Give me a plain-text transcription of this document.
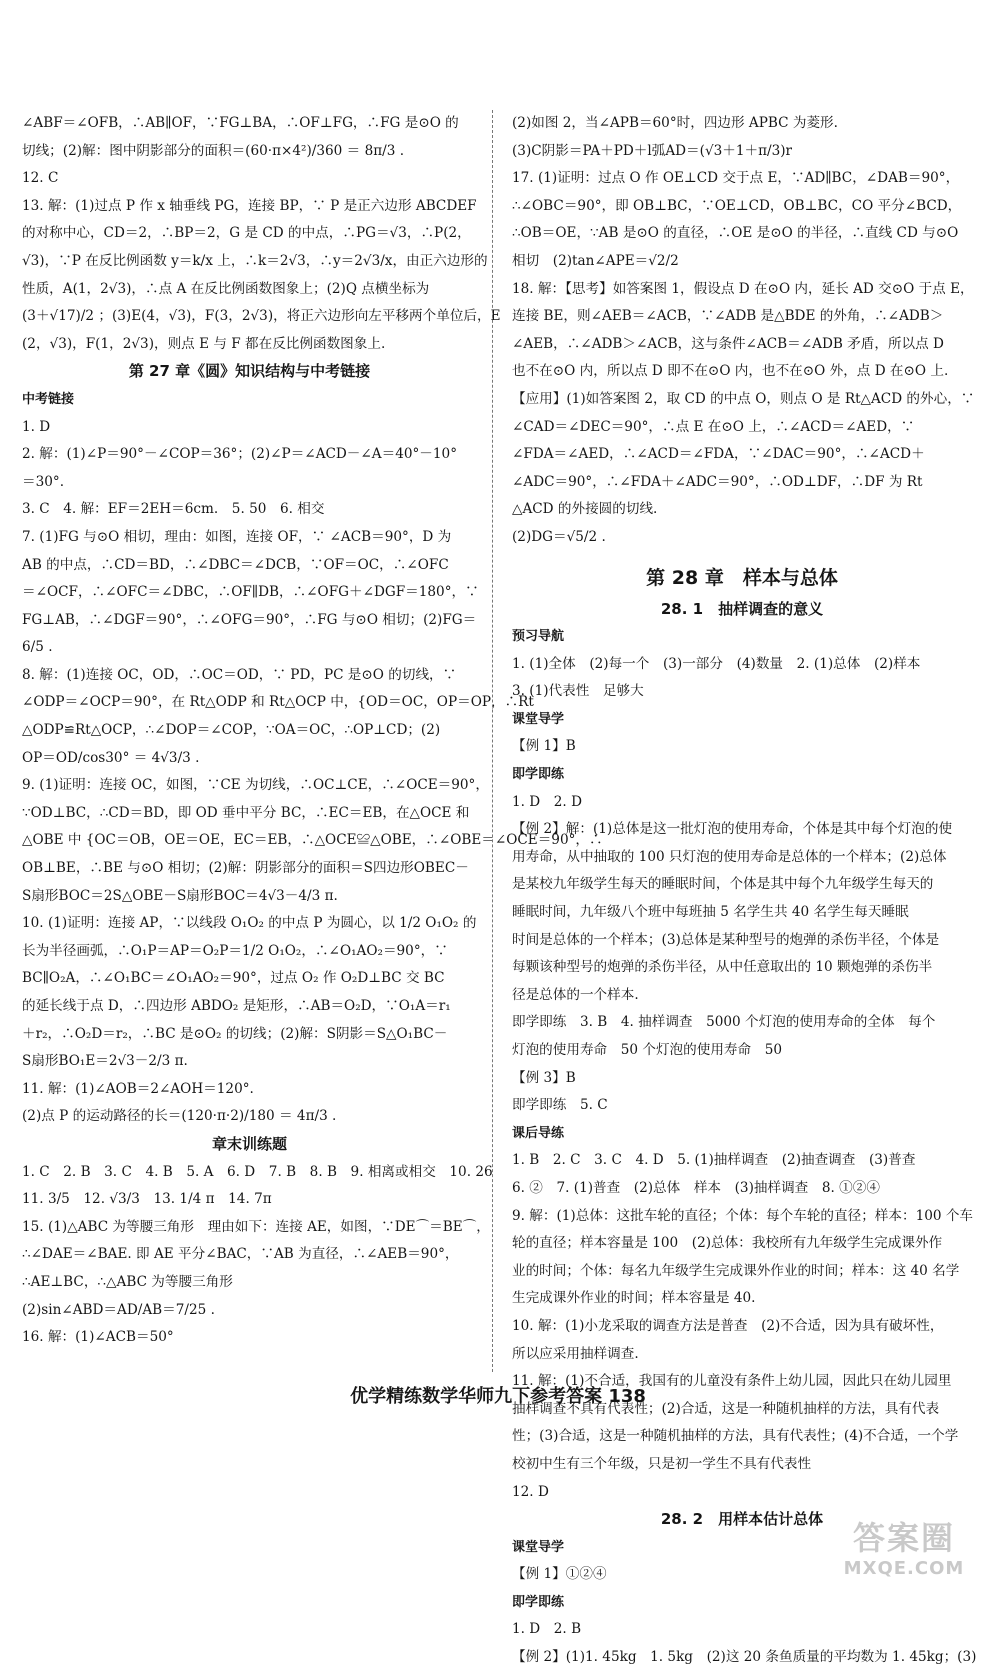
∠ABF＝∠OFB，∴AB∥OF，∵FG⊥BA，∴OF⊥FG，∴FG 是⊙O 的
切线；(2)解：图中阴影部分的面积＝(60·π×4²)/360 ＝ 8π/3 .
12. C
13. 解：(1)过点 P 作 x 轴垂线 PG，连接 BP，∵ P 是正六边形 ABCDEF
的对称中心，CD＝2，∴BP＝2，G 是 CD 的中点，∴PG＝√3，∴P(2，
√3)，∵P 在反比例函数 y＝k/x 上，∴k＝2√3，∴y＝2√3/x，由正六边形的
性质，A(1，2√3)，∴点 A 在反比例函数图象上；(2)Q 点横坐标为
(3＋√17)/2 ；(3)E(4，√3)，F(3，2√3)，将正六边形向左平移两个单位后，E
(2，√3)，F(1，2√3)，则点 E 与 F 都在反比例函数图象上.
第 27 章《圆》知识结构与中考链接
中考链接
1. D
2. 解：(1)∠P＝90°－∠COP＝36°；(2)∠P＝∠ACD－∠A＝40°－10°
＝30°.
3. C　4. 解：EF＝2EH＝6cm.　5. 50　6. 相交
7. (1)FG 与⊙O 相切，理由：如图，连接 OF，∵ ∠ACB＝90°，D 为
AB 的中点，∴CD＝BD，∴∠DBC＝∠DCB，∵OF＝OC，∴∠OFC
＝∠OCF，∴∠OFC＝∠DBC，∴OF∥DB，∴∠OFG＋∠DGF＝180°，∵
FG⊥AB，∴∠DGF＝90°，∴∠OFG＝90°，∴FG 与⊙O 相切；(2)FG＝
6/5 .
8. 解：(1)连接 OC，OD，∴OC＝OD，∵ PD，PC 是⊙O 的切线，∵
∠ODP＝∠OCP＝90°，在 Rt△ODP 和 Rt△OCP 中，{OD＝OC，OP＝OP，∴Rt
△ODP≌Rt△OCP，∴∠DOP＝∠COP，∵OA＝OC，∴OP⊥CD；(2)
OP＝OD/cos30° ＝ 4√3/3 .
9. (1)证明：连接 OC，如图，∵CE 为切线，∴OC⊥CE，∴∠OCE＝90°，
∵OD⊥BC，∴CD＝BD，即 OD 垂中平分 BC，∴EC＝EB，在△OCE 和
△OBE 中 {OC＝OB，OE＝OE，EC＝EB，∴△OCE≌△OBE，∴∠OBE＝∠OCE＝90°，∴
OB⊥BE，∴BE 与⊙O 相切；(2)解：阴影部分的面积＝S四边形OBEC－
S扇形BOC＝2S△OBE－S扇形BOC＝4√3－4/3 π.
10. (1)证明：连接 AP，∵以线段 O₁O₂ 的中点 P 为圆心，以 1/2 O₁O₂ 的
长为半径画弧，∴O₁P＝AP＝O₂P＝1/2 O₁O₂，∴∠O₁AO₂＝90°，∵
BC∥O₂A，∴∠O₁BC＝∠O₁AO₂＝90°，过点 O₂ 作 O₂D⊥BC 交 BC
的延长线于点 D，∴四边形 ABDO₂ 是矩形，∴AB＝O₂D，∵O₁A＝r₁
＋r₂，∴O₂D＝r₂，∴BC 是⊙O₂ 的切线；(2)解：S阴影＝S△O₁BC－
S扇形BO₁E＝2√3－2/3 π.
11. 解：(1)∠AOB＝2∠AOH＝120°.
(2)点 P 的运动路径的长＝(120·π·2)/180 ＝ 4π/3 .
章末训练题
1. C　2. B　3. C　4. B　5. A　6. D　7. B　8. B　9. 相离或相交　10. 26
11. 3/5　12. √3/3　13. 1/4 π　14. 7π
15. (1)△ABC 为等腰三角形　理由如下：连接 AE，如图，∵DE⌒＝BE⌒，
∴∠DAE＝∠BAE. 即 AE 平分∠BAC，∵AB 为直径，∴∠AEB＝90°，
∴AE⊥BC，∴△ABC 为等腰三角形
(2)sin∠ABD＝AD/AB＝7/25 .
16. 解：(1)∠ACB＝50°
(2)如图 2，当∠APB＝60°时，四边形 APBC 为菱形.
(3)C阴影＝PA＋PD＋l弧AD＝(√3＋1＋π/3)r
17. (1)证明：过点 O 作 OE⊥CD 交于点 E，∵AD∥BC，∠DAB＝90°，
∴∠OBC＝90°，即 OB⊥BC，∵OE⊥CD，OB⊥BC，CO 平分∠BCD，
∴OB＝OE，∵AB 是⊙O 的直径，∴OE 是⊙O 的半径，∴直线 CD 与⊙O
相切　(2)tan∠APE＝√2/2
18. 解：【思考】如答案图 1，假设点 D 在⊙O 内，延长 AD 交⊙O 于点 E，
连接 BE，则∠AEB＝∠ACB，∵∠ADB 是△BDE 的外角，∴∠ADB＞
∠AEB，∴∠ADB＞∠ACB，这与条件∠ACB＝∠ADB 矛盾，所以点 D
也不在⊙O 内，所以点 D 即不在⊙O 内，也不在⊙O 外，点 D 在⊙O 上.
【应用】(1)如答案图 2，取 CD 的中点 O，则点 O 是 Rt△ACD 的外心，∵
∠CAD＝∠DEC＝90°，∴点 E 在⊙O 上，∴∠ACD＝∠AED，∵
∠FDA＝∠AED，∴∠ACD＝∠FDA，∵∠DAC＝90°，∴∠ACD＋
∠ADC＝90°，∴∠FDA＋∠ADC＝90°，∴OD⊥DF，∴DF 为 Rt
△ACD 的外接圆的切线.
(2)DG＝√5/2 .
第 28 章　样本与总体
28. 1　抽样调查的意义
预习导航
1. (1)全体　(2)每一个　(3)一部分　(4)数量　2. (1)总体　(2)样本
3. (1)代表性　足够大
课堂导学
【例 1】B
即学即练
1. D　2. D
【例 2】解：(1)总体是这一批灯泡的使用寿命，个体是其中每个灯泡的使
用寿命，从中抽取的 100 只灯泡的使用寿命是总体的一个样本；(2)总体
是某校九年级学生每天的睡眠时间，个体是其中每个九年级学生每天的
睡眠时间，九年级八个班中每班抽 5 名学生共 40 名学生每天睡眠
时间是总体的一个样本；(3)总体是某种型号的炮弹的杀伤半径，个体是
每颗该种型号的炮弹的杀伤半径，从中任意取出的 10 颗炮弹的杀伤半
径是总体的一个样本.
即学即练　3. B　4. 抽样调查　5000 个灯泡的使用寿命的全体　每个
灯泡的使用寿命　50 个灯泡的使用寿命　50
【例 3】B
即学即练　5. C
课后导练
1. B　2. C　3. C　4. D　5. (1)抽样调查　(2)抽查调查　(3)普查
6. ②　7. (1)普查　(2)总体　样本　(3)抽样调查　8. ①②④
9. 解：(1)总体：这批车轮的直径；个体：每个车轮的直径；样本：100 个车
轮的直径；样本容量是 100　(2)总体：我校所有九年级学生完成课外作
业的时间；个体：每名九年级学生完成课外作业的时间；样本：这 40 名学
生完成课外作业的时间；样本容量是 40.
10. 解：(1)小龙采取的调查方法是普查　(2)不合适，因为具有破坏性，
所以应采用抽样调查.
11. 解：(1)不合适，我国有的儿童没有条件上幼儿园，因此只在幼儿园里
抽样调查不具有代表性；(2)合适，这是一种随机抽样的方法，具有代表
性；(3)合适，这是一种随机抽样的方法，具有代表性；(4)不合适，一个学
校初中生有三个年级，只是初一学生不具有代表性
12. D
28. 2　用样本估计总体
课堂导学
【例 1】①②④
即学即练
1. D　2. B
【例 2】(1)1. 45kg　1. 5kg　(2)这 20 条鱼质量的平均数为 1. 45kg；(3)
优学精练数学华师九下参考答案 138
答案圈
MXQE.COM
